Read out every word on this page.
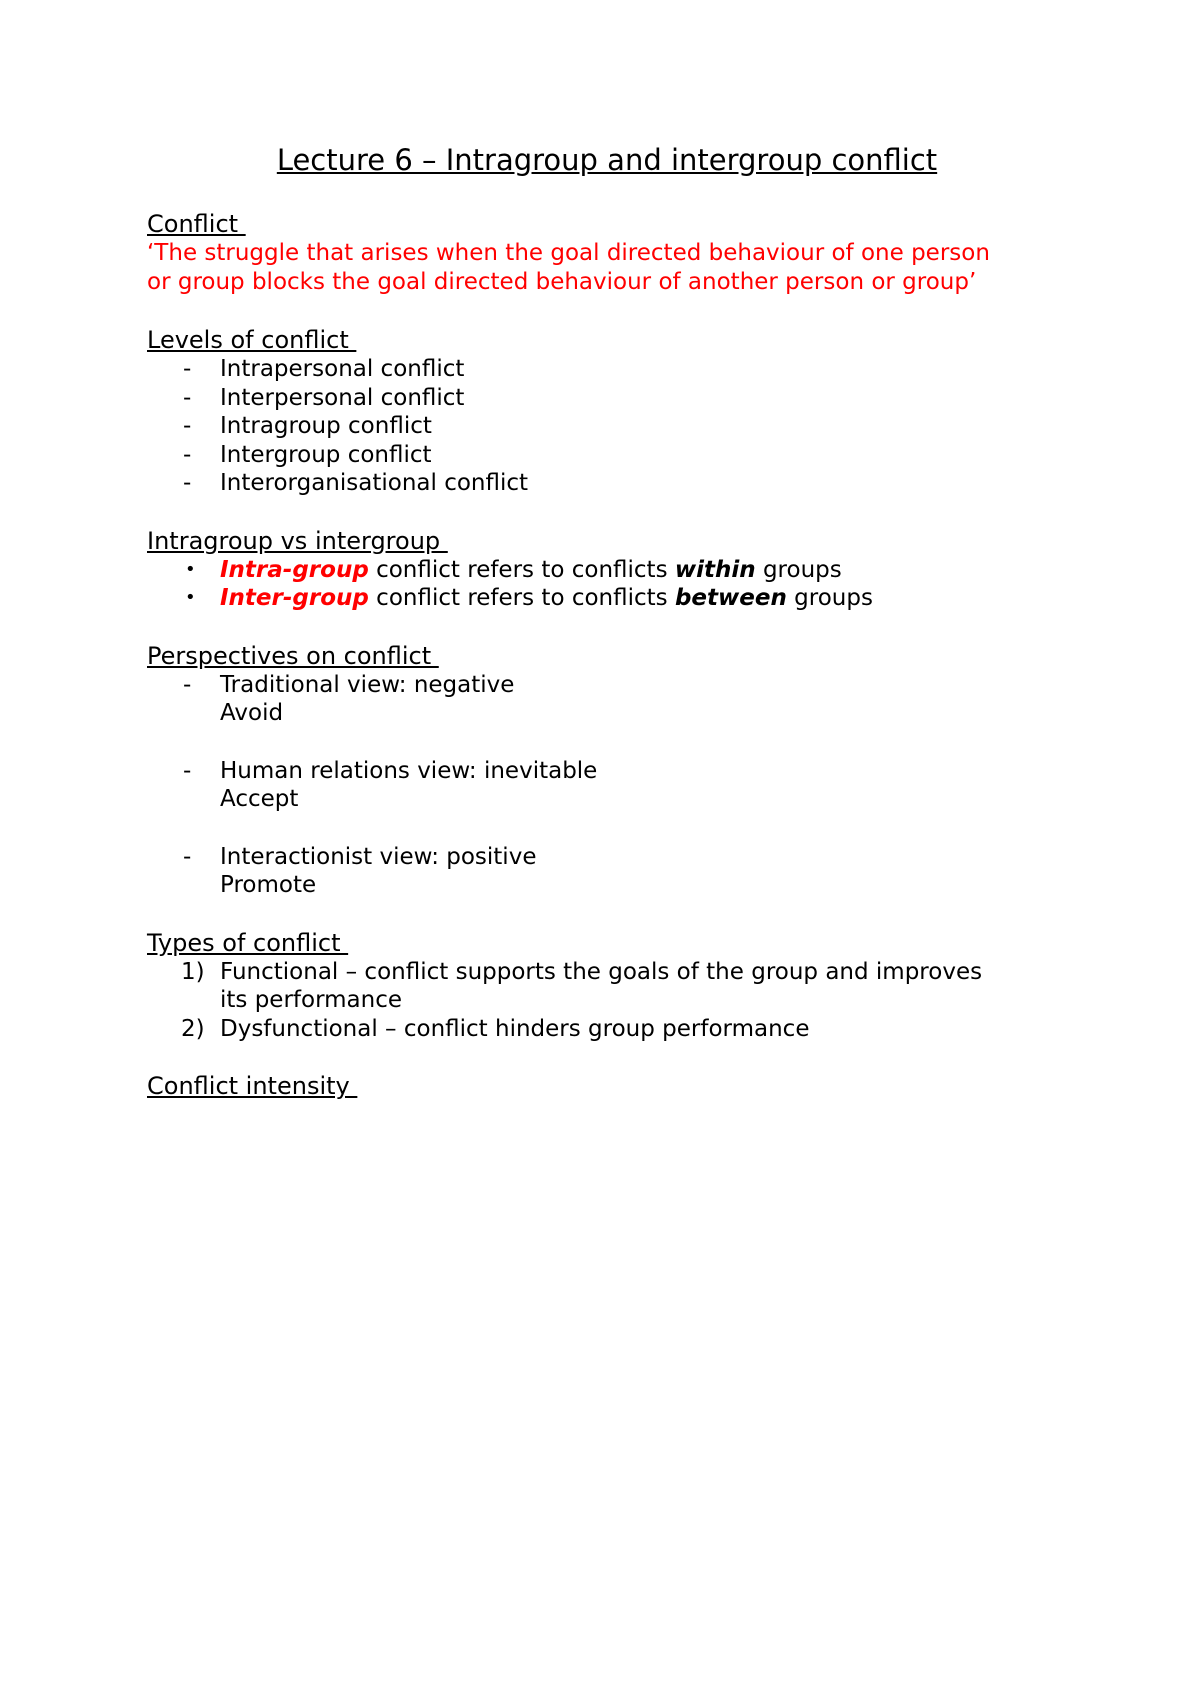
Lecture 6 – Intragroup and intergroup conflict
Conflict

‘The struggle that arises when the goal directed behaviour of one person

or group blocks the goal directed behaviour of another person or group’

Levels of conflict
- Intrapersonal conflict
- Interpersonal conflict
- Intragroup conflict
- Intergroup conflict
- Interorganisational conflict
Intragroup vs intergroup
• Intra-group conflict refers to conflicts within groups
• Inter-group conflict refers to conflicts between groups
Perspectives on conflict
- Traditional view: negative
Avoid
- Human relations view: inevitable
Accept
- Interactionist view: positive
Promote
Types of conflict
1) Functional – conflict supports the goals of the group and improves
its performance
2) Dysfunctional – conflict hinders group performance
Conflict intensity
